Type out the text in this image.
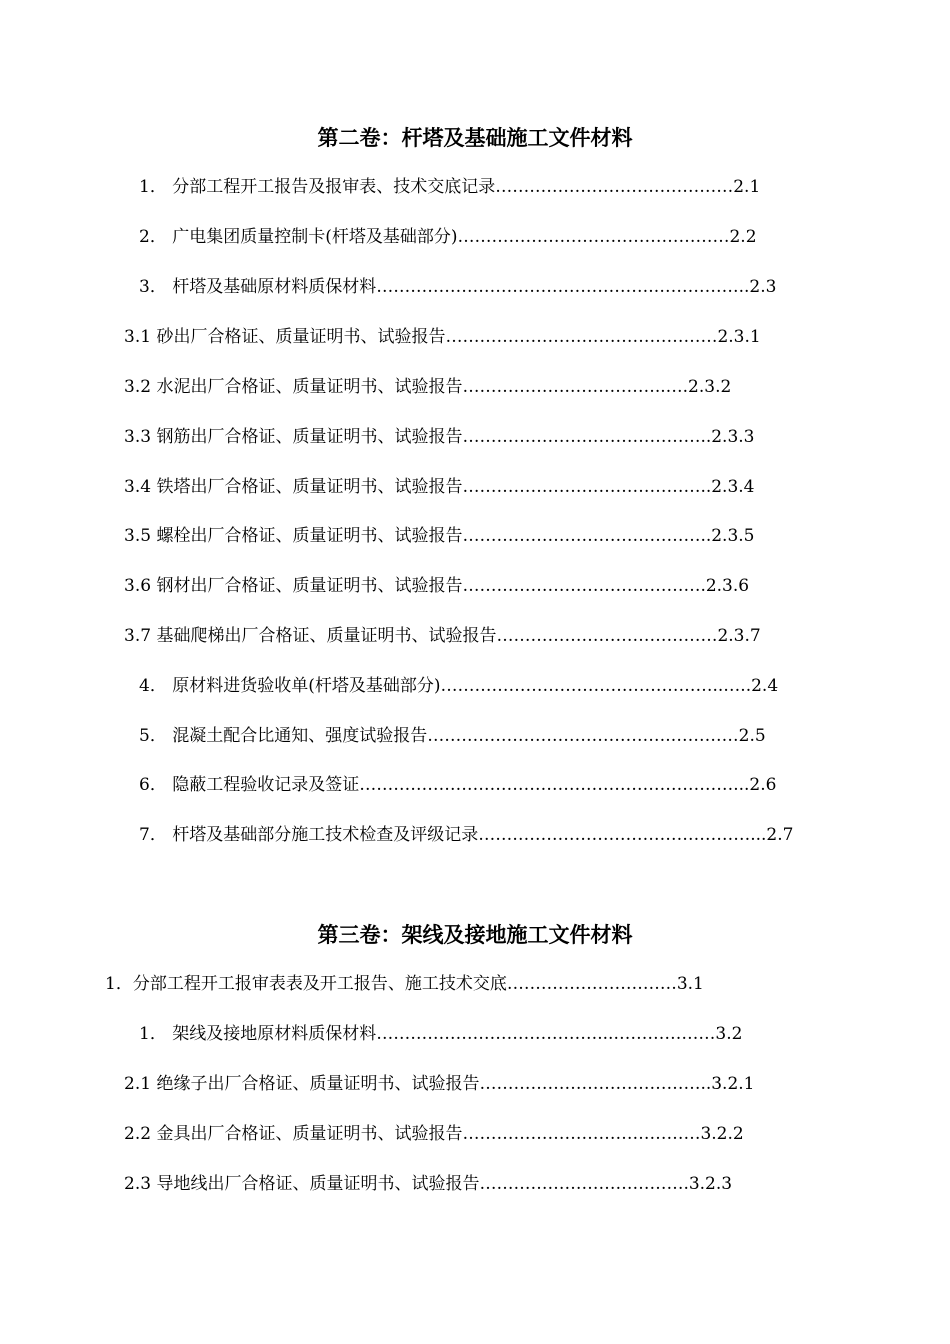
第二卷：杆塔及基础施工文件材料
1． 分部工程开工报告及报审表、技术交底记录……………………………………2.1
2． 广电集团质量控制卡(杆塔及基础部分)…………………………………………2.2
3． 杆塔及基础原材料质保材料………………………………………….……………..2.3
3.1 砂出厂合格证、质量证明书、试验报告…………………………………………2.3.1
3.2 水泥出厂合格证、质量证明书、试验报告……………….……………..….2.3.2
3.3 钢筋出厂合格证、质量证明书、试验报告……………………………………..2.3.3
3.4 铁塔出厂合格证、质量证明书、试验报告……………………………………..2.3.4
3.5 螺栓出厂合格证、质量证明书、试验报告……………………………………..2.3.5
3.6 钢材出厂合格证、质量证明书、试验报告…………………………………….2.3.6
3.7 基础爬梯出厂合格证、质量证明书、试验报告…………………………………2.3.7
4． 原材料进货验收单(杆塔及基础部分)…………………………………………..…..2.4
5． 混凝土配合比通知、强度试验报告…………………………………….…………2.5
6． 隐蔽工程验收记录及签证…………………………………………………………...2.6
7． 杆塔及基础部分施工技术检查及评级记录…………………………………………...2.7
第三卷：架线及接地施工文件材料
1．分部工程开工报审表表及开工报告、施工技术交底…………………………3.1
1． 架线及接地原材料质保材料…………………………………...………………3.2
2.1 绝缘子出厂合格证、质量证明书、试验报告…………………………………..3.2.1
2.2 金具出厂合格证、质量证明书、试验报告……………………………………3.2.2
2.3 导地线出厂合格证、质量证明书、试验报告……………………………….3.2.3
